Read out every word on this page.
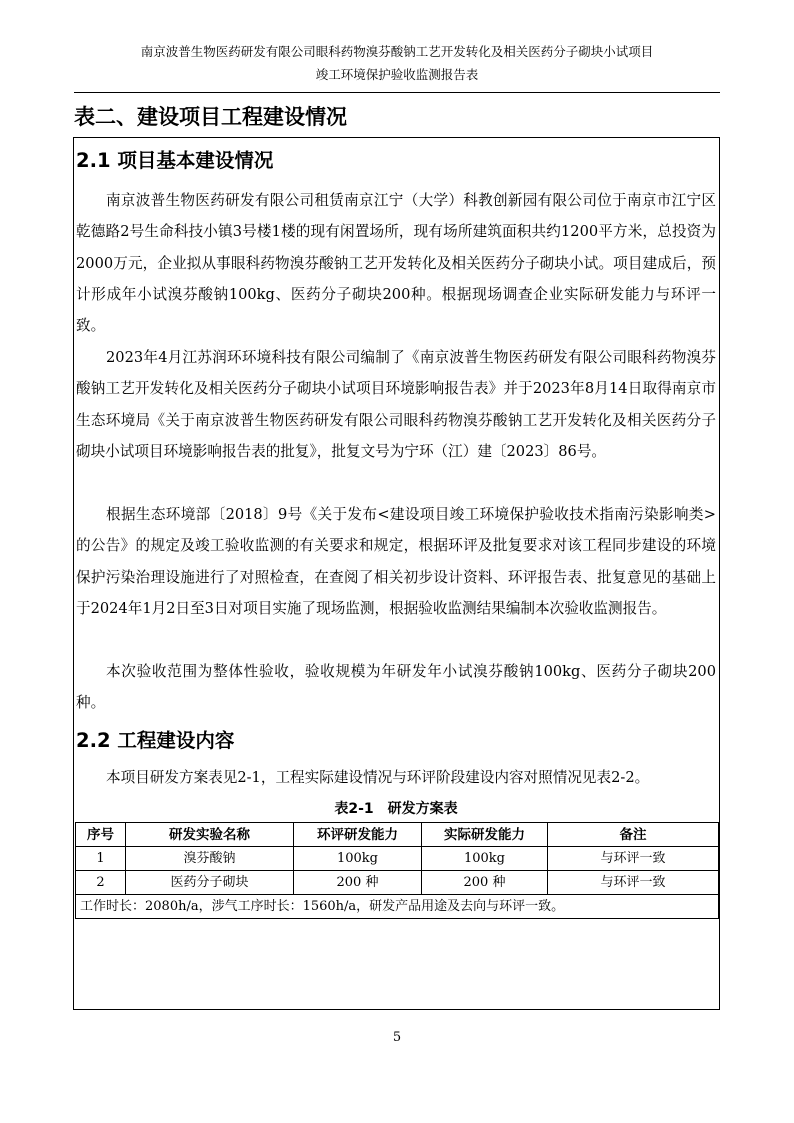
南京波普生物医药研发有限公司眼科药物溴芬酸钠工艺开发转化及相关医药分子砌块小试项目
竣工环境保护验收监测报告表
表二、建设项目工程建设情况
2.1 项目基本建设情况

南京波普生物医药研发有限公司租赁南京江宁（大学）科教创新园有限公司位于南京市江宁区乾德路2号生命科技小镇3号楼1楼的现有闲置场所，现有场所建筑面积共约1200平方米，总投资为2000万元，企业拟从事眼科药物溴芬酸钠工艺开发转化及相关医药分子砌块小试。项目建成后，预计形成年小试溴芬酸钠100kg、医药分子砌块200种。根据现场调查企业实际研发能力与环评一致。

2023年4月江苏润环环境科技有限公司编制了《南京波普生物医药研发有限公司眼科药物溴芬酸钠工艺开发转化及相关医药分子砌块小试项目环境影响报告表》并于2023年8月14日取得南京市生态环境局《关于南京波普生物医药研发有限公司眼科药物溴芬酸钠工艺开发转化及相关医药分子砌块小试项目环境影响报告表的批复》，批复文号为宁环（江）建〔2023〕86号。

根据生态环境部〔2018〕9号《关于发布<建设项目竣工环境保护验收技术指南污染影响类>的公告》的规定及竣工验收监测的有关要求和规定，根据环评及批复要求对该工程同步建设的环境保护污染治理设施进行了对照检查，在查阅了相关初步设计资料、环评报告表、批复意见的基础上于2024年1月2日至3日对项目实施了现场监测，根据验收监测结果编制本次验收监测报告。

本次验收范围为整体性验收，验收规模为年研发年小试溴芬酸钠100kg、医药分子砌块200种。

2.2 工程建设内容

本项目研发方案表见2-1，工程实际建设情况与环评阶段建设内容对照情况见表2-2。

表2-1　研发方案表
序号	研发实验名称	环评研发能力	实际研发能力	备注
1	溴芬酸钠	100kg	100kg	与环评一致
2	医药分子砌块	200 种	200 种	与环评一致
工作时长：2080h/a，涉气工序时长：1560h/a，研发产品用途及去向与环评一致。				
5
